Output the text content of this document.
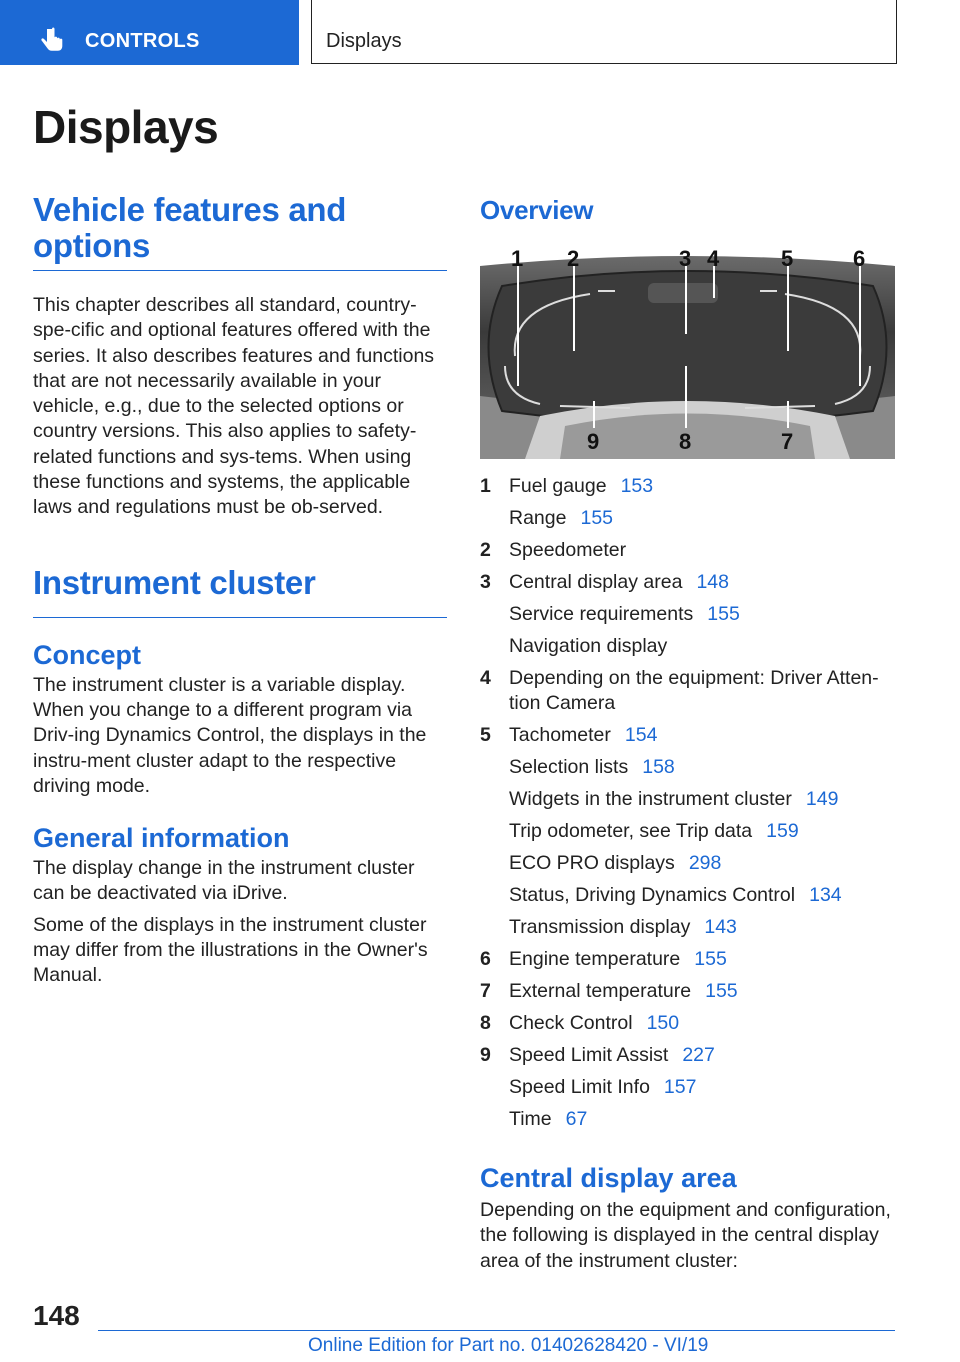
CONTROLS	Displays
Displays
Vehicle features and options

This chapter describes all standard, country-spe-cific and optional features offered with the series. It also describes features and functions that are not necessarily available in your vehicle, e.g., due to the selected options or country versions. This also applies to safety-related functions and sys-tems. When using these functions and systems, the applicable laws and regulations must be ob-served.

Instrument cluster
Concept

The instrument cluster is a variable display. When you change to a different program via Driv-ing Dynamics Control, the displays in the instru-ment cluster adapt to the respective driving mode.

General information

The display change in the instrument cluster can be deactivated via iDrive.

Some of the displays in the instrument cluster may differ from the illustrations in the Owner's Manual.

Overview
1 2	3 4	5	6
9	8	7
1 Fuel gauge 153
Range 155
2 Speedometer
3 Central display area 148
Service requirements 155
Navigation display
4 Depending on the equipment: Driver Atten-tion Camera
5 Tachometer 154
Selection lists 158
Widgets in the instrument cluster 149
Trip odometer, see Trip data 159
ECO PRO displays 298
Status, Driving Dynamics Control 134
Transmission display 143
6 Engine temperature 155
7 External temperature 155
8 Check Control 150
9 Speed Limit Assist 227
Speed Limit Info 157
Time 67
Central display area

Depending on the equipment and configuration, the following is displayed in the central display area of the instrument cluster:

148
Online Edition for Part no. 01402628420 - VI/19
